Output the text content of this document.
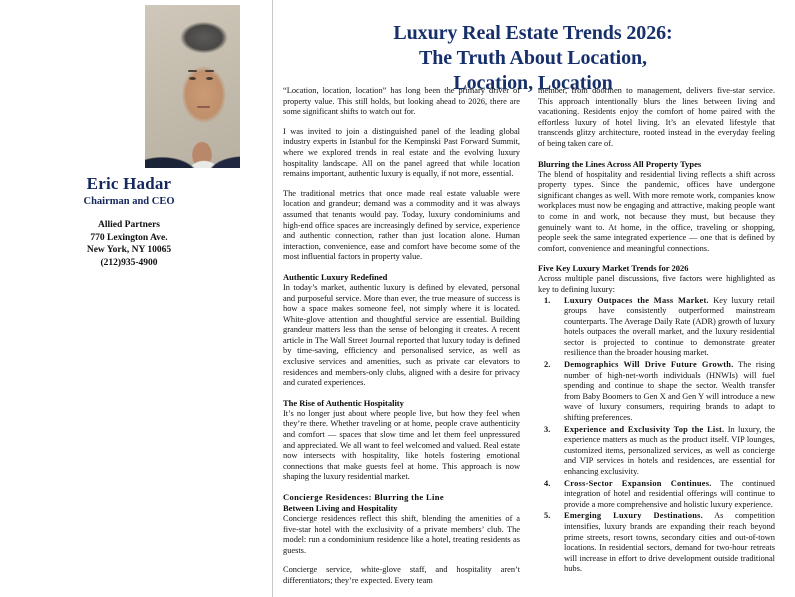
Eric Hadar
Chairman and CEO
Allied Partners
770 Lexington Ave.
New York, NY 10065
(212)935-4900
Luxury Real Estate Trends 2026:
The Truth About Location,
Location, Location

“Location, location, location” has long been the primary driver of property value. This still holds, but looking ahead to 2026, there are some significant shifts to watch out for.

I was invited to join a distinguished panel of the leading global industry experts in Istanbul for the Kempinski Past Forward Summit, where we explored trends in real estate and the evolving luxury hospitality landscape. All on the panel agreed that while location remains important, authentic luxury is equally, if not more, essential.

The traditional metrics that once made real estate valuable were location and grandeur; demand was a commodity and it was always assumed that tenants would pay. Today, luxury condominiums and high-end office spaces are increasingly defined by service, experience and authentic connection, rather than just location alone. Human interaction, convenience, ease and comfort have become some of the most influential factors in property value.

Authentic Luxury Redefined

In today’s market, authentic luxury is defined by elevated, personal and purposeful service. More than ever, the true measure of success is how a space makes someone feel, not simply where it is located. White-glove attention and thoughtful service are essential. Building grandeur matters less than the sense of belonging it creates. A recent article in The Wall Street Journal reported that luxury today is defined by time-saving, efficiency and personalised service, as well as exclusive services and amenities, such as private car elevators to residences and members-only clubs, aligned with a desire for privacy and curated experiences.

The Rise of Authentic Hospitality

It’s no longer just about where people live, but how they feel when they’re there. Whether traveling or at home, people crave authenticity and comfort — spaces that slow time and let them feel unpressured and appreciated. We all want to feel welcomed and valued. Real estate now intersects with hospitality, like hotels fostering emotional connections that make guests feel at home. This approach is now shaping the luxury residential market.

Concierge Residences: Blurring the Line
Between Living and Hospitality

Concierge residences reflect this shift, blending the amenities of a five-star hotel with the exclusivity of a private members’ club. The model: run a condominium residence like a hotel, treating residents as guests.

Concierge service, white-glove staff, and hospitality aren’t differentiators; they’re expected. Every team

member, from doormen to management, delivers five-star service. This approach intentionally blurs the lines between living and vacationing. Residents enjoy the comfort of home paired with the effortless luxury of hotel living. It’s an elevated lifestyle that transcends glitzy architecture, rooted instead in the everyday feeling of being taken care of.

Blurring the Lines Across All Property Types

The blend of hospitality and residential living reflects a shift across property types. Since the pandemic, offices have undergone significant changes as well. With more remote work, companies know workplaces must now be engaging and attractive, making people want to come in and work, not because they must, but because they genuinely want to. At home, in the office, traveling or shopping, people seek the same integrated experience — one that is defined by comfort, convenience and meaningful connections.

Five Key Luxury Market Trends for 2026

Across multiple panel discussions, five factors were highlighted as key to defining luxury:

Luxury Outpaces the Mass Market. Key luxury retail groups have consistently outperformed mainstream counterparts. The Average Daily Rate (ADR) growth of luxury hotels outpaces the overall market, and the luxury residential sector is projected to continue to demonstrate greater resilience than the broader housing market.
Demographics Will Drive Future Growth. The rising number of high-net-worth individuals (HNWIs) will fuel spending and continue to shape the sector. Wealth transfer from Baby Boomers to Gen X and Gen Y will introduce a new wave of luxury consumers, requiring brands to adapt to shifting preferences.
Experience and Exclusivity Top the List. In luxury, the experience matters as much as the product itself. VIP lounges, customized items, personalized services, as well as concierge and VIP services in hotels and residences, are essential for enhancing exclusivity.
Cross-Sector Expansion Continues. The continued integration of hotel and residential offerings will continue to provide a more comprehensive and holistic luxury experience.
Emerging Luxury Destinations. As competition intensifies, luxury brands are expanding their reach beyond prime streets, resort towns, secondary cities and out-of-town locations. In residential sectors, demand for two-hour retreats will increase in effort to drive development outside traditional hubs.
